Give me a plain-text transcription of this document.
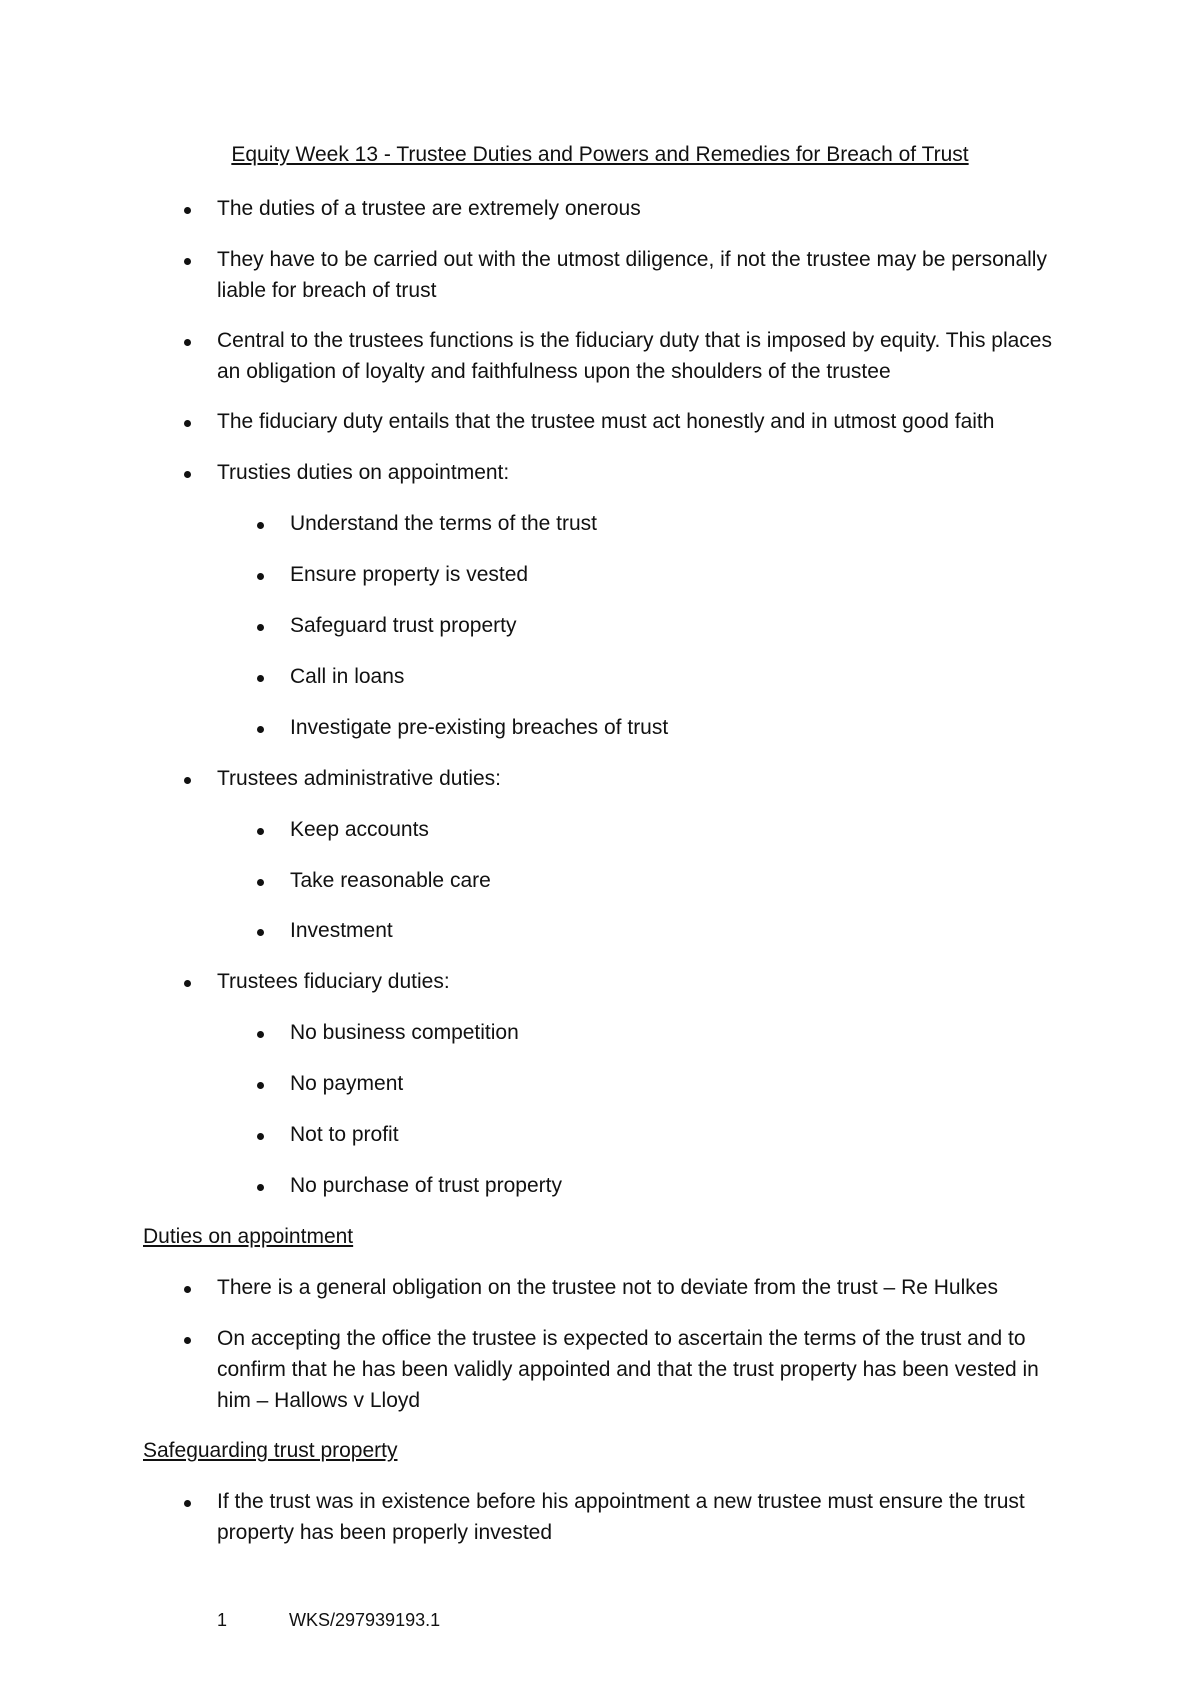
Equity Week 13 - Trustee Duties and Powers and Remedies for Breach of Trust

The duties of a trustee are extremely onerous

They have to be carried out with the utmost diligence, if not the trustee may be personally liable for breach of trust

Central to the trustees functions is the fiduciary duty that is imposed by equity. This places an obligation of loyalty and faithfulness upon the shoulders of the trustee

The fiduciary duty entails that the trustee must act honestly and in utmost good faith

Trusties duties on appointment:

Understand the terms of the trust

Ensure property is vested

Safeguard trust property

Call in loans

Investigate pre-existing breaches of trust

Trustees administrative duties:

Keep accounts

Take reasonable care

Investment

Trustees fiduciary duties:

No business competition

No payment

Not to profit

No purchase of trust property

Duties on appointment

There is a general obligation on the trustee not to deviate from the trust – Re Hulkes

On accepting the office the trustee is expected to ascertain the terms of the trust and to confirm that he has been validly appointed and that the trust property has been vested in him – Hallows v Lloyd

Safeguarding trust property

If the trust was in existence before his appointment a new trustee must ensure the trust property has been properly invested

1	WKS/297939193.1
